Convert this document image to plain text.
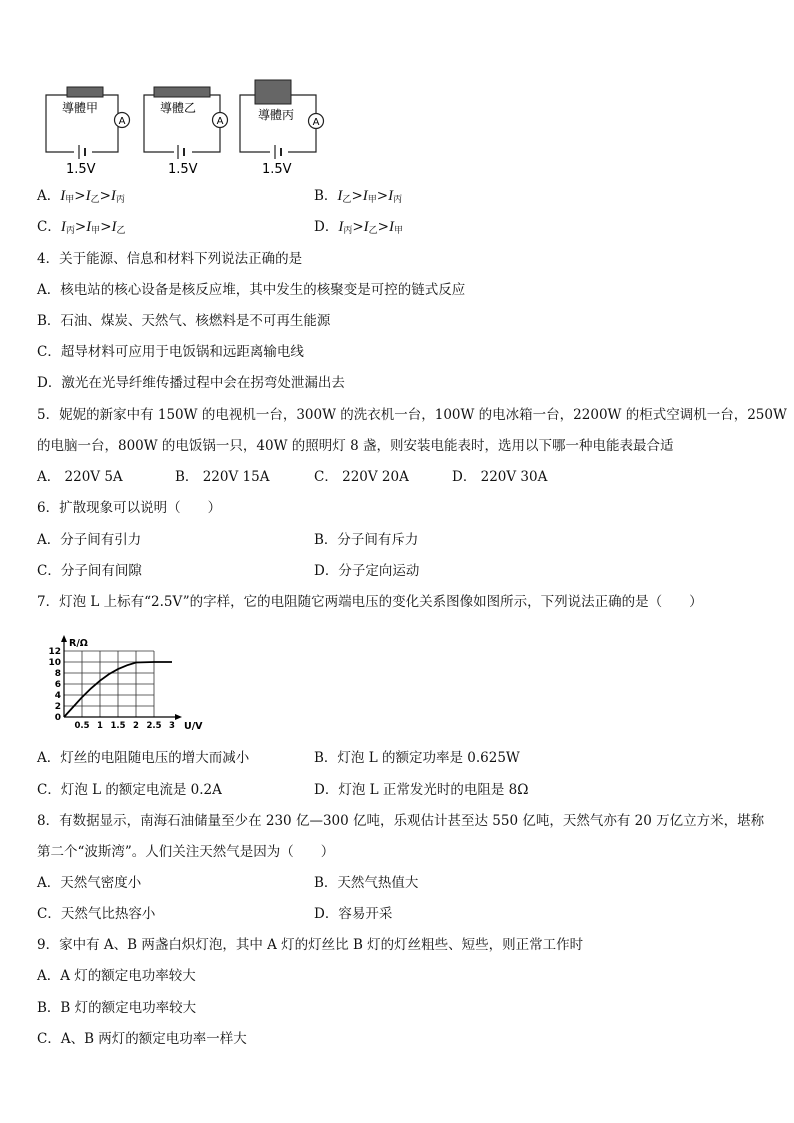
A
導體甲
A
導體乙
A
導體丙
1.5V	1.5V	1.5V
A．$I_甲>I_乙>I_丙$	B．$I_乙>I_甲>I_丙$
C．$I_丙>I_甲>I_乙$	D．$I_丙>I_乙>I_甲$
4．关于能源、信息和材料下列说法正确的是
A．核电站的核心设备是核反应堆，其中发生的核聚变是可控的链式反应
B．石油、煤炭、天然气、核燃料是不可再生能源
C．超导材料可应用于电饭锅和远距离输电线
D．激光在光导纤维传播过程中会在拐弯处泄漏出去
5．妮妮的新家中有 150W 的电视机一台，300W 的洗衣机一台，100W 的电冰箱一台，2200W 的柜式空调机一台，250W
的电脑一台，800W 的电饭锅一只，40W 的照明灯 8 盏，则安装电能表时，选用以下哪一种电能表最合适
A． 220V 5A	B． 220V 15A	C． 220V 20A	D． 220V 30A
6．扩散现象可以说明（　　）
A．分子间有引力	B．分子间有斥力
C．分子间有间隙	D．分子定向运动
7．灯泡 L 上标有“2.5V”的字样，它的电阻随它两端电压的变化关系图像如图所示，下列说法正确的是（　　）
12
10
8
6
4
2
0
0.5 1 1.5 2 2.5 3
R/Ω
U/V
A．灯丝的电阻随电压的增大而减小	B．灯泡 L 的额定功率是 0.625W
C．灯泡 L 的额定电流是 0.2A	D．灯泡 L 正常发光时的电阻是 8Ω
8．有数据显示，南海石油储量至少在 230 亿—300 亿吨，乐观估计甚至达 550 亿吨，天然气亦有 20 万亿立方米，堪称
第二个“波斯湾”。人们关注天然气是因为（　　）
A．天然气密度小	B．天然气热值大
C．天然气比热容小	D．容易开采
9．家中有 A、B 两盏白炽灯泡，其中 A 灯的灯丝比 B 灯的灯丝粗些、短些，则正常工作时
A．A 灯的额定电功率较大
B．B 灯的额定电功率较大
C．A、B 两灯的额定电功率一样大
